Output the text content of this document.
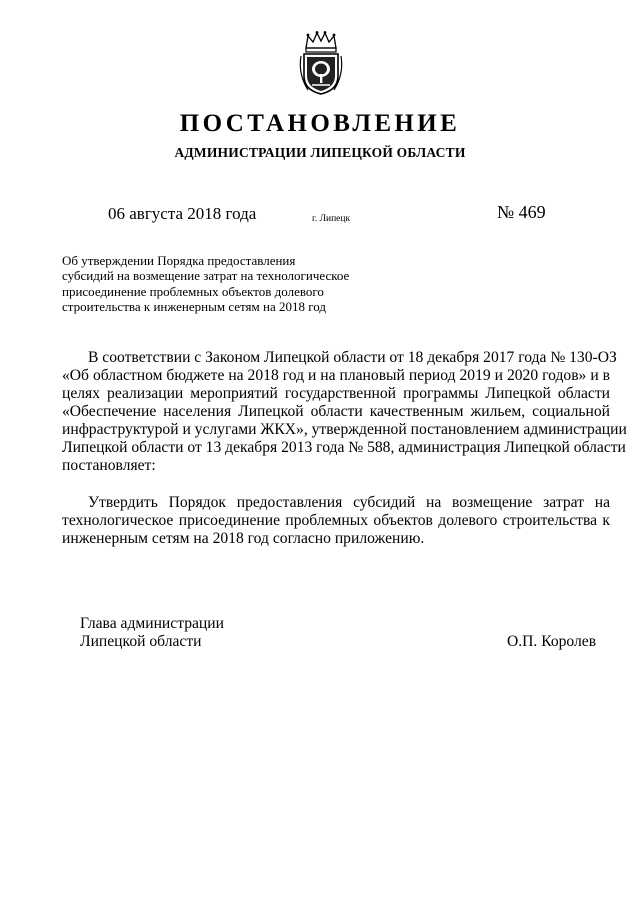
ПОСТАНОВЛЕНИЕ
АДМИНИСТРАЦИИ ЛИПЕЦКОЙ ОБЛАСТИ
06 августа 2018 года	г. Липецк	№ 469
Об утверждении Порядка предоставления
субсидий на возмещение затрат на технологическое
присоединение проблемных объектов долевого
строительства к инженерным сетям на 2018 год
В соответствии с Законом Липецкой области от 18 декабря 2017 года № 130-ОЗ
«Об областном бюджете на 2018 год и на плановый период 2019 и 2020 годов» и в
целях реализации мероприятий государственной программы Липецкой области
«Обеспечение населения Липецкой области качественным жильем, социальной
инфраструктурой и услугами ЖКХ», утвержденной постановлением администрации
Липецкой области от 13 декабря 2013 года № 588, администрация Липецкой области
постановляет:
Утвердить Порядок предоставления субсидий на возмещение затрат на
технологическое присоединение проблемных объектов долевого строительства к
инженерным сетям на 2018 год согласно приложению.
Глава администрации
Липецкой области	О.П. Королев
